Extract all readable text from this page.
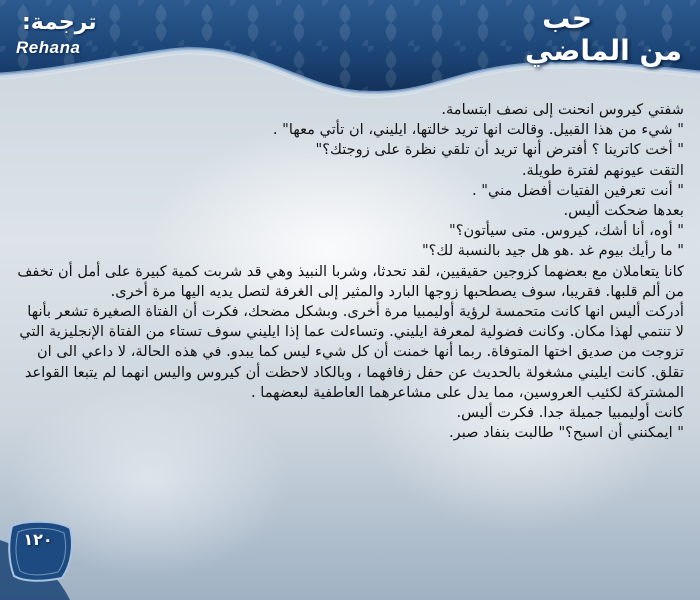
ترجمة:
Rehana
حب
من الماضي
١٢٠

شفتي كيروس انحنت إلى نصف ابتسامة.

" شيء من هذا القبيل. وقالت انها تريد خالتها، ايليني، ان تأتي معها" .

" أخت كاترينا ؟ أفترض أنها تريد أن تلقي نظرة على زوجتك؟"

التقت عيونهم لفترة طويلة.

" أنت تعرفين الفتيات أفضل مني" .

بعدها ضحكت أليس.

" أوه، أنا أشك، كيروس. متى سيأتون؟"

" ما رأيك بيوم غد .هو هل جيد بالنسبة لك؟"

كانا يتعاملان مع بعضهما كزوجين حقيقيين، لقد تحدثا، وشربا النبيذ وهي قد شربت كمية كبيرة على أمل أن تخفف من ألم قلبها. فقريبا، سوف يصطحبها زوجها البارد والمثير إلى الغرفة لتصل يديه اليها مرة أخرى.

أدركت أليس انها كانت متحمسة لرؤية أوليمبيا مرة أخرى. وبشكل مضحك، فكرت أن الفتاة الصغيرة تشعر بأنها لا تنتمي لهذا مكان. وكانت فضولية لمعرفة ايليني. وتساءلت عما إذا ايليني سوف تستاء من الفتاة الإنجليزية التي تزوجت من صديق اختها المتوفاة. ربما أنها خمنت أن كل شيء ليس كما يبدو. في هذه الحالة، لا داعي الى ان تقلق. كانت ايليني مشغولة بالحديث عن حفل زفافهما ، وبالكاد لاحظت أن كيروس واليس انهما لم يتبعا القواعد المشتركة لكئيب العروسين، مما يدل على مشاعرهما العاطفية لبعضهما .

كانت أوليمبيا جميلة جدا. فكرت أليس.

" ايمكنني أن اسبح؟" طالبت بنفاد صبر.
